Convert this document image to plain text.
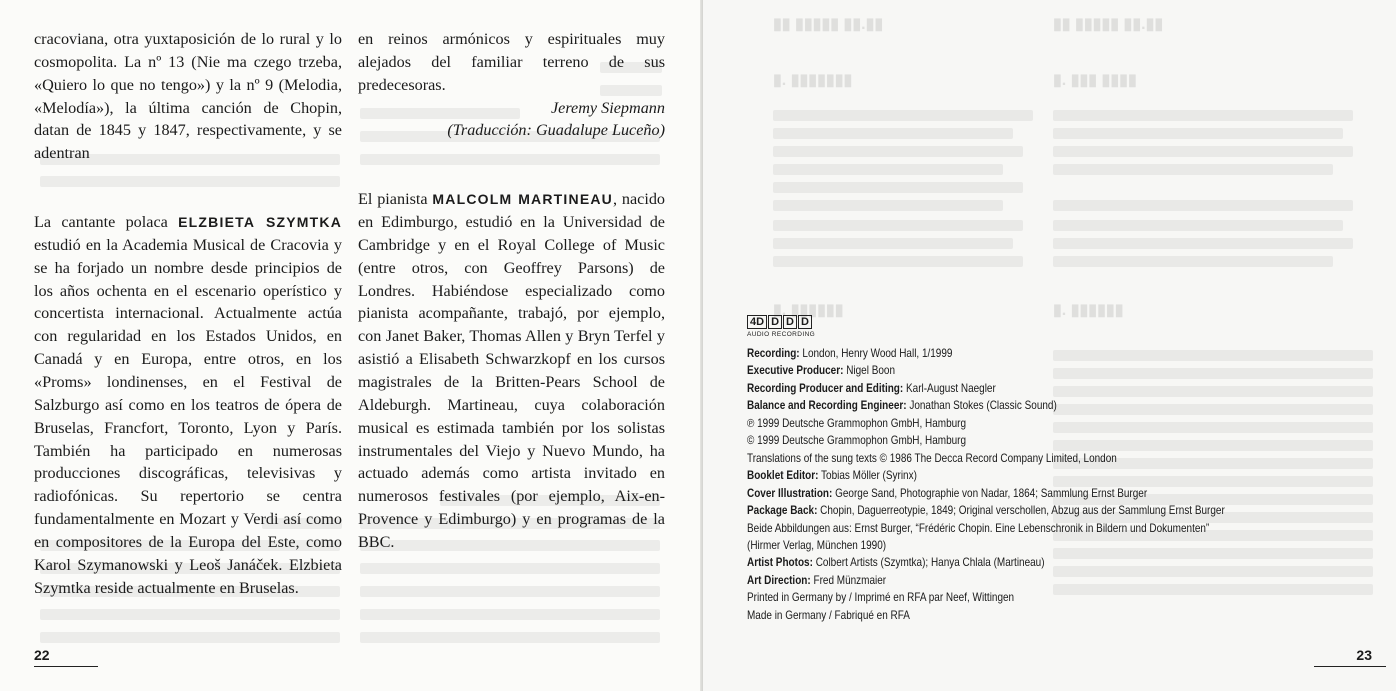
cracoviana, otra yuxtaposición de lo rural y lo cosmopolita. La nº 13 (Nie ma czego trzeba, «Quiero lo que no tengo») y la nº 9 (Melodia, «Melodía»), la última canción de Chopin, datan de 1845 y 1847, respectivamente, y se adentran

La cantante polaca ELZBIETA SZYMTKA estudió en la Academia Musical de Cracovia y se ha forjado un nombre desde principios de los años ochenta en el escenario operístico y concertista internacional. Actualmente actúa con regularidad en los Estados Unidos, en Canadá y en Europa, entre otros, en los «Proms» londinenses, en el Festival de Salzburgo así como en los teatros de ópera de Bruselas, Francfort, Toronto, Lyon y París. También ha participado en numerosas producciones discográficas, televisivas y radiofónicas. Su repertorio se centra fundamentalmente en Mozart y Verdi así como en compositores de la Europa del Este, como Karol Szymanowski y Leoš Janáček. Elzbieta Szymtka reside actualmente en Bruselas.

en reinos armónicos y espirituales muy alejados del familiar terreno de sus predecesoras.

Jeremy Siepmann

(Traducción: Guadalupe Luceño)

El pianista MALCOLM MARTINEAU, nacido en Edimburgo, estudió en la Universidad de Cambridge y en el Royal College of Music (entre otros, con Geoffrey Parsons) de Londres. Habiéndose especializado como pianista acompañante, trabajó, por ejemplo, con Janet Baker, Thomas Allen y Bryn Terfel y asistió a Elisabeth Schwarzkopf en los cursos magistrales de la Britten-Pears School de Aldeburgh. Martineau, cuya colaboración musical es estimada también por los solistas instrumentales del Viejo y Nuevo Mundo, ha actuado además como artista invitado en numerosos festivales (por ejemplo, Aix-en-Provence y Edimburgo) y en programas de la BBC.

22
▮▮ ▮▮▮▮▮ ▮▮.▮▮	▮▮ ▮▮▮▮▮ ▮▮.▮▮
▮. ▮▮▮▮▮▮▮	▮. ▮▮▮ ▮▮▮▮
▮. ▮▮▮▮▮▮	▮. ▮▮▮▮▮▮
4D D D D
AUDIO RECORDING
Recording: London, Henry Wood Hall, 1/1999
Executive Producer: Nigel Boon
Recording Producer and Editing: Karl-August Naegler
Balance and Recording Engineer: Jonathan Stokes (Classic Sound)
℗ 1999 Deutsche Grammophon GmbH, Hamburg
© 1999 Deutsche Grammophon GmbH, Hamburg
Translations of the sung texts © 1986 The Decca Record Company Limited, London
Booklet Editor: Tobias Möller (Syrinx)
Cover Illustration: George Sand, Photographie von Nadar, 1864; Sammlung Ernst Burger
Package Back: Chopin, Daguerreotypie, 1849; Original verschollen, Abzug aus der Sammlung Ernst Burger
Beide Abbildungen aus: Ernst Burger, “Frédéric Chopin. Eine Lebenschronik in Bildern und Dokumenten”
(Hirmer Verlag, München 1990)
Artist Photos: Colbert Artists (Szymtka); Hanya Chlala (Martineau)
Art Direction: Fred Münzmaier
Printed in Germany by / Imprimé en RFA par Neef, Wittingen
Made in Germany / Fabriqué en RFA
23
